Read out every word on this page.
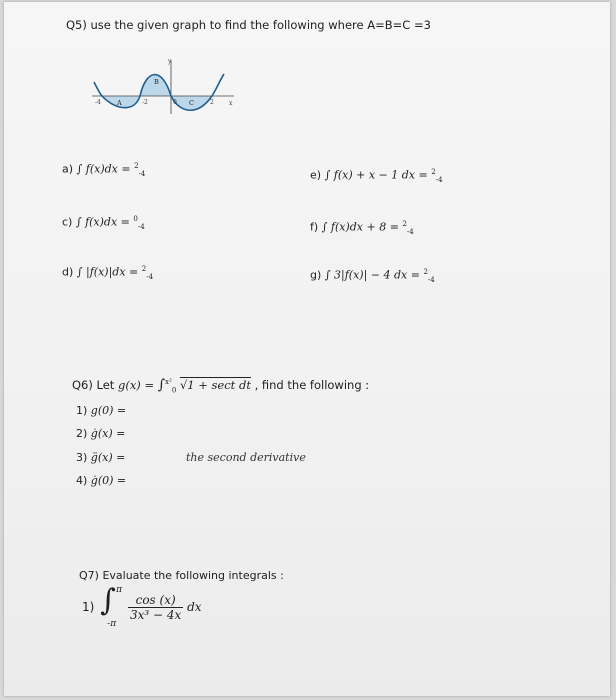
Q5) use the given graph to find the following where A=B=C =3
y
x
-4	-2	0	2
A
B
C
a) ∫ f(x)dx = $^2_{-4}$
c) ∫ f(x)dx = $^0_{-4}$
d) ∫ |f(x)|dx = $^2_{-4}$
e) ∫ f(x) + x − 1 dx = $^2_{-4}$
f) ∫ f(x)dx + 8 = $^2_{-4}$
g) ∫ 3|f(x)| − 4 dx = $^2_{-4}$
Q6) Let g(x) = ∫$^{x^2}_0$ √1 + sect dt , find the following :
1) g(0) =
2) ġ(x) =
3) g̈(x) =	the second derivative
4) ġ(0) =
Q7) Evaluate the following integrals :
1) ∫ π
-π

$\frac{\cos (x)}{\text{3x³ − 4x}}$ dx
